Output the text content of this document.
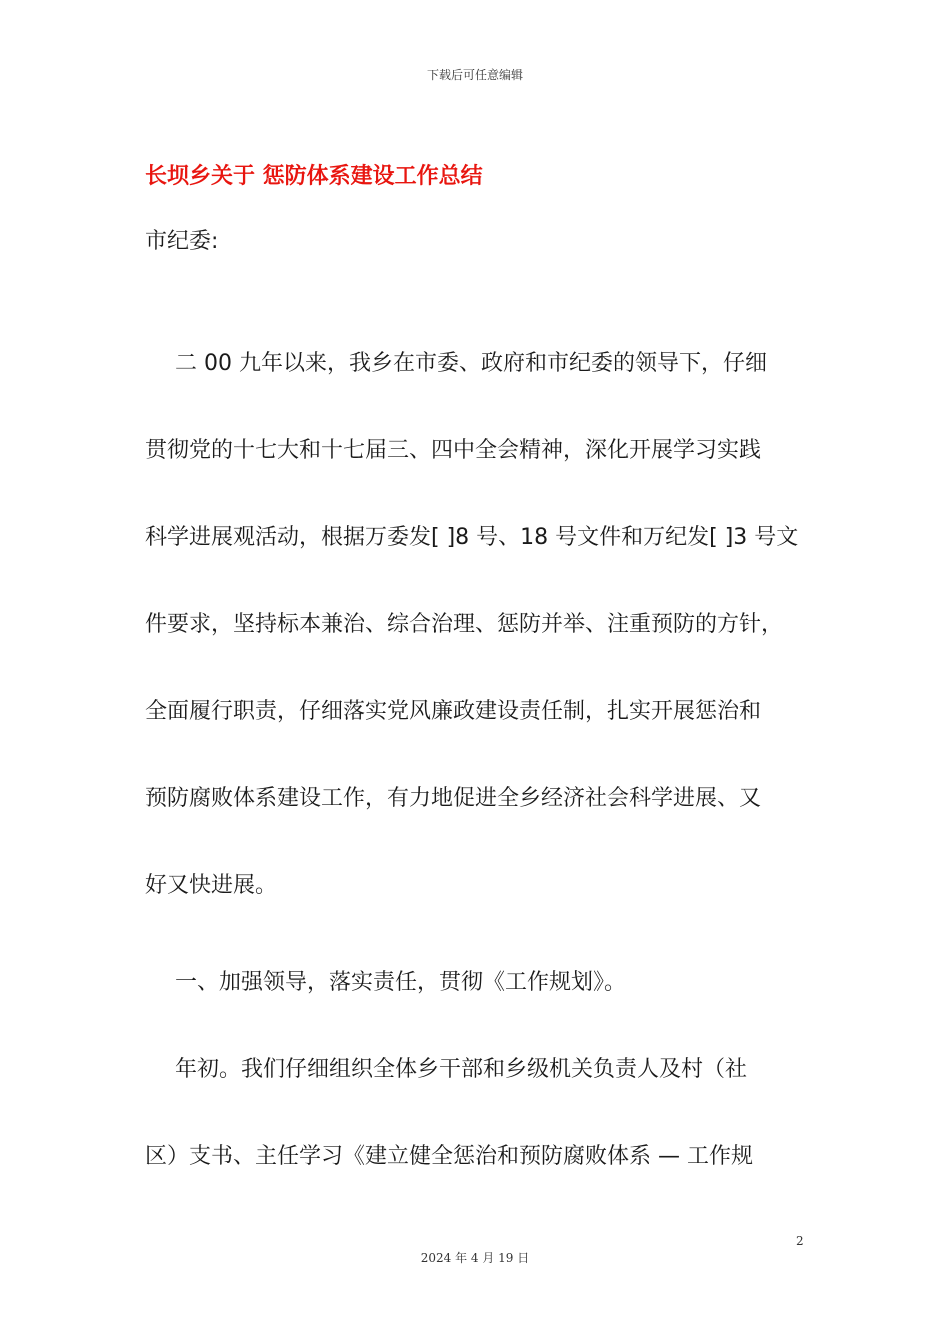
下载后可任意编辑
长坝乡关于 惩防体系建设工作总结
市纪委:
二 00 九年以来，我乡在市委、政府和市纪委的领导下，仔细
贯彻党的十七大和十七届三、四中全会精神，深化开展学习实践
科学进展观活动，根据万委发[ ]8 号、18 号文件和万纪发[ ]3 号文
件要求，坚持标本兼治、综合治理、惩防并举、注重预防的方针，
全面履行职责，仔细落实党风廉政建设责任制，扎实开展惩治和
预防腐败体系建设工作，有力地促进全乡经济社会科学进展、又
好又快进展。
一、加强领导，落实责任，贯彻《工作规划》。
年初。我们仔细组织全体乡干部和乡级机关负责人及村（社
区）支书、主任学习《建立健全惩治和预防腐败体系 — 工作规
2
2024 年 4 月 19 日
